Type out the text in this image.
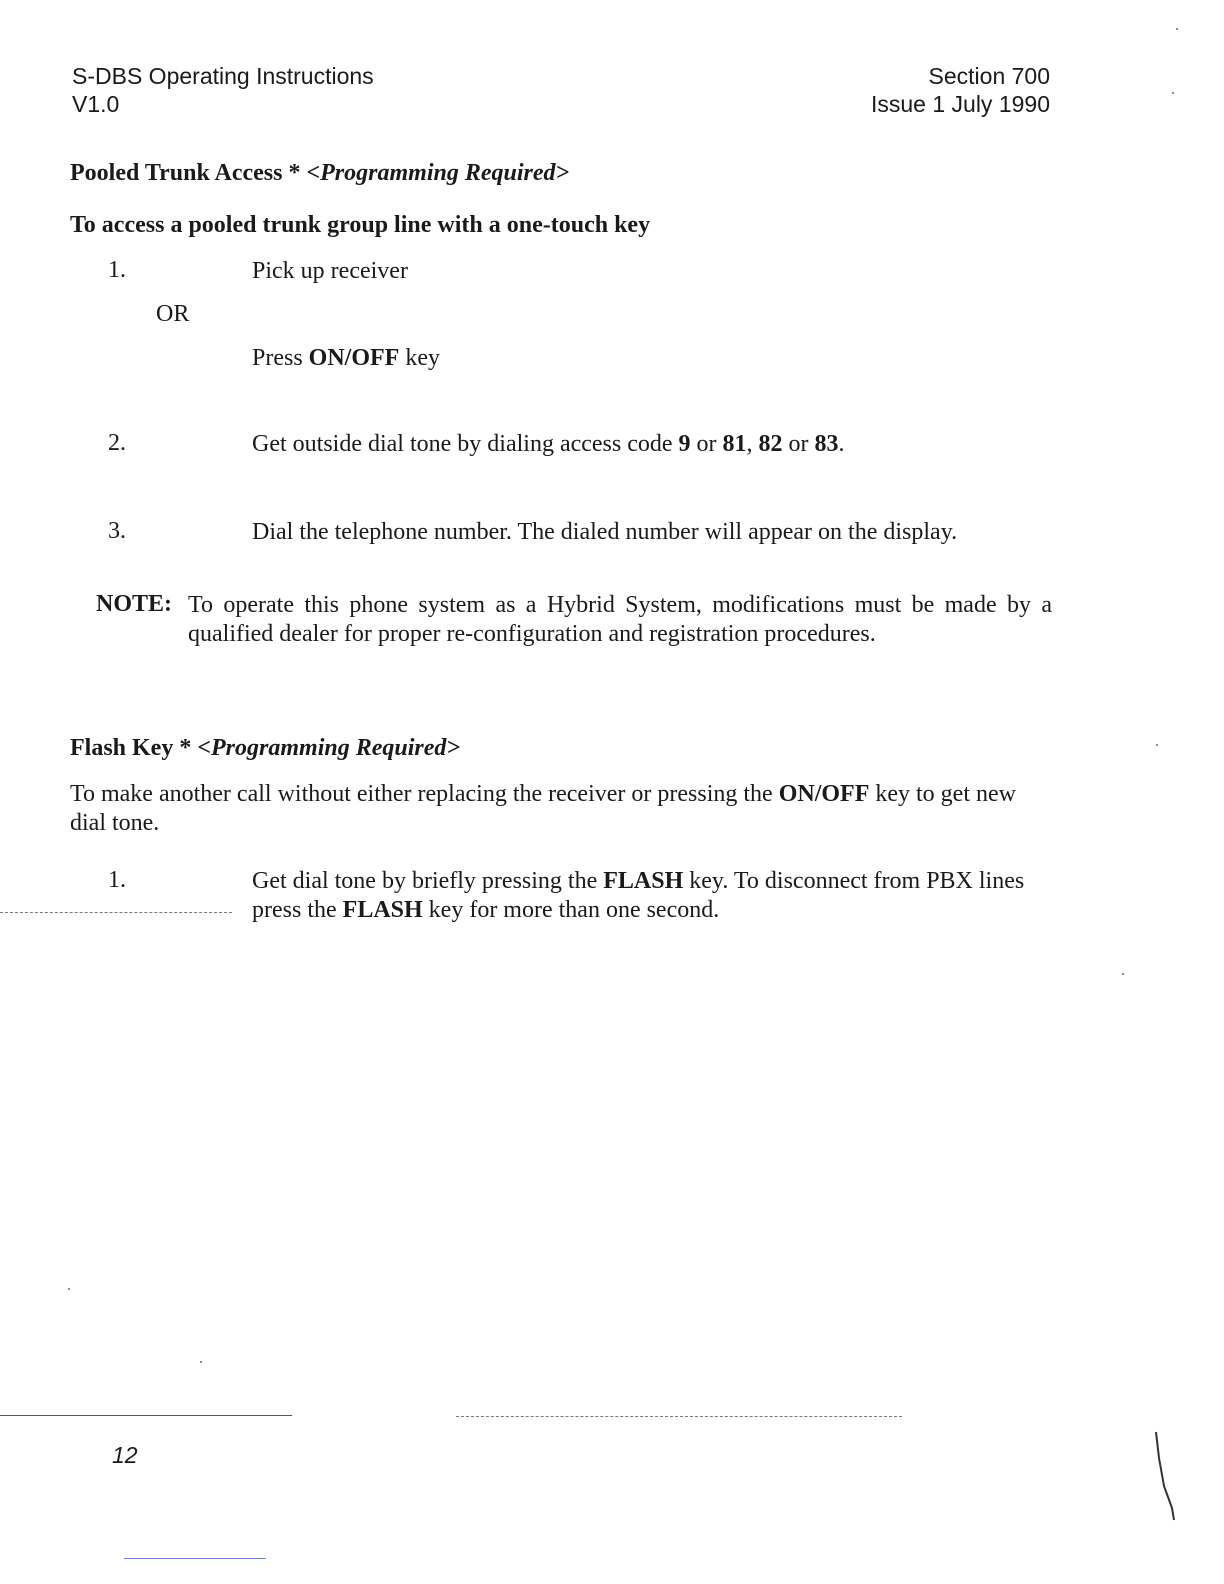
S-DBS Operating Instructions
V1.0
Section 700
Issue 1 July 1990
Pooled Trunk Access * <Programming Required>
To access a pooled trunk group line with a one-touch key
1.	Pick up receiver
OR
Press ON/OFF key
2.	Get outside dial tone by dialing access code 9 or 81, 82 or 83.
3.	Dial the telephone number. The dialed number will appear on the display.
NOTE: To operate this phone system as a Hybrid System, modifications must be made by a qualified dealer for proper re-configuration and registration procedures.
Flash Key * <Programming Required>
To make another call without either replacing the receiver or pressing the ON/OFF key to get new dial tone.
1.	Get dial tone by briefly pressing the FLASH key. To disconnect from PBX lines press the FLASH key for more than one second.
12
